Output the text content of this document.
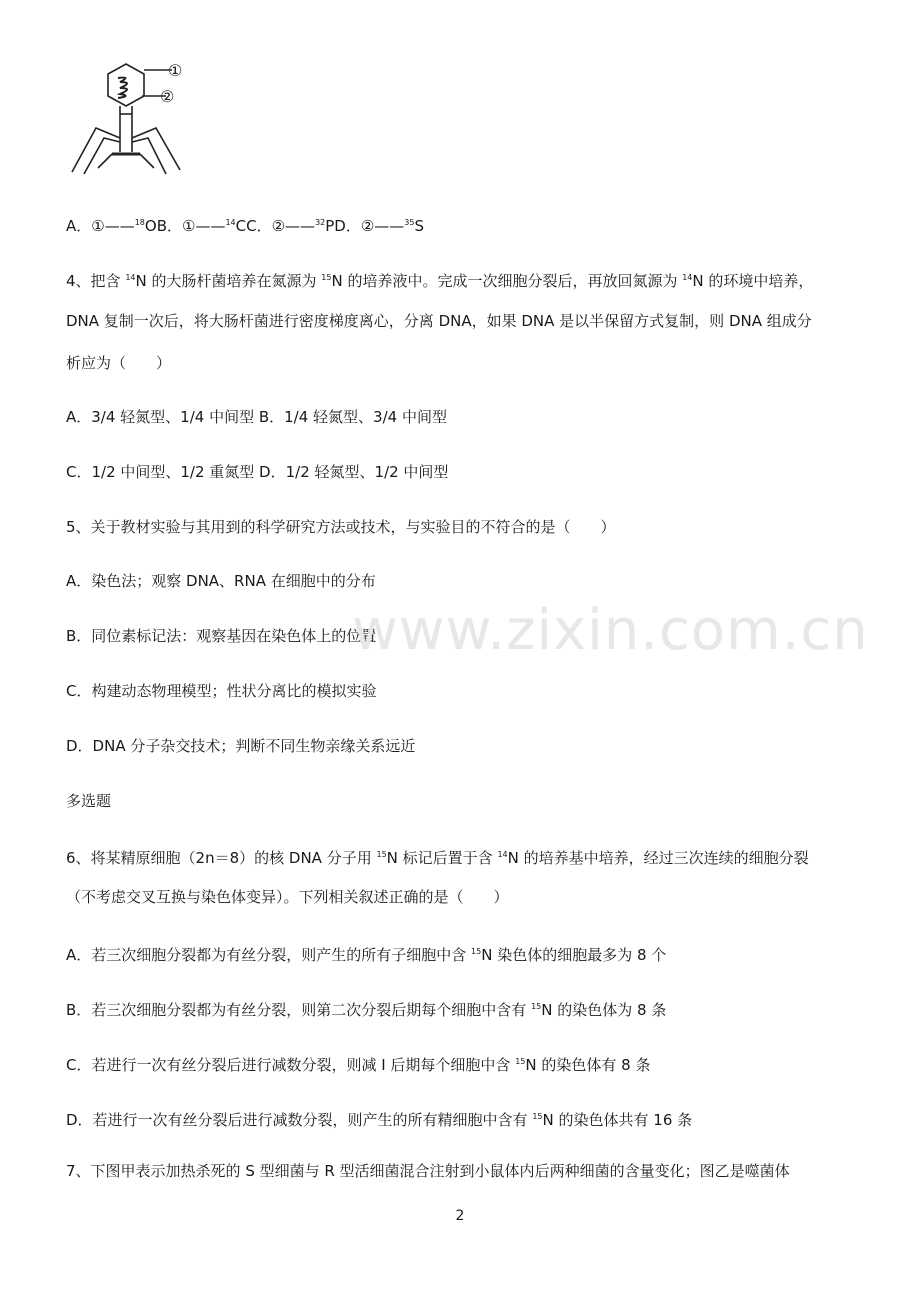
①
②
A．①——$^{18}$OB．①——$^{14}$CC．②——$^{32}$PD．②——$^{35}$S
4、把含 $^{14}$N 的大肠杆菌培养在氮源为 $^{15}$N 的培养液中。完成一次细胞分裂后，再放回氮源为 $^{14}$N 的环境中培养，
DNA 复制一次后，将大肠杆菌进行密度梯度离心，分离 DNA，如果 DNA 是以半保留方式复制，则 DNA 组成分
析应为（　　）
A．3/4 轻氮型、1/4 中间型 B．1/4 轻氮型、3/4 中间型
C．1/2 中间型、1/2 重氮型 D．1/2 轻氮型、1/2 中间型
5、关于教材实验与其用到的科学研究方法或技术，与实验目的不符合的是（　　）
A．染色法；观察 DNA、RNA 在细胞中的分布
B．同位素标记法：观察基因在染色体上的位置
C．构建动态物理模型；性状分离比的模拟实验
D．DNA 分子杂交技术；判断不同生物亲缘关系远近
多选题
6、将某精原细胞（2n＝8）的核 DNA 分子用 $^{15}$N 标记后置于含 $^{14}$N 的培养基中培养，经过三次连续的细胞分裂
（不考虑交叉互换与染色体变异）。下列相关叙述正确的是（　　）
A．若三次细胞分裂都为有丝分裂，则产生的所有子细胞中含 $^{15}$N 染色体的细胞最多为 8 个
B．若三次细胞分裂都为有丝分裂，则第二次分裂后期每个细胞中含有 $^{15}$N 的染色体为 8 条
C．若进行一次有丝分裂后进行减数分裂，则减 I 后期每个细胞中含 $^{15}$N 的染色体有 8 条
D．若进行一次有丝分裂后进行减数分裂，则产生的所有精细胞中含有 $^{15}$N 的染色体共有 16 条
7、下图甲表示加热杀死的 S 型细菌与 R 型活细菌混合注射到小鼠体内后两种细菌的含量变化；图乙是噬菌体
www.zixin.com.cn
2
